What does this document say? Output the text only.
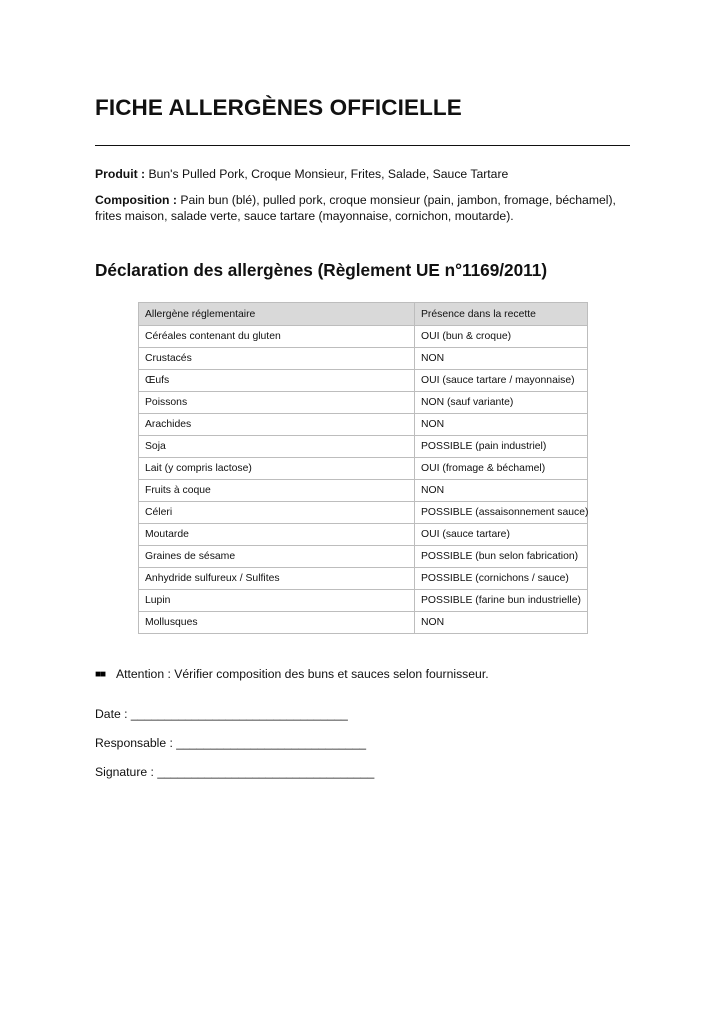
FICHE ALLERGÈNES OFFICIELLE

Produit : Bun's Pulled Pork, Croque Monsieur, Frites, Salade, Sauce Tartare

Composition : Pain bun (blé), pulled pork, croque monsieur (pain, jambon, fromage, béchamel), frites maison, salade verte, sauce tartare (mayonnaise, cornichon, moutarde).

Déclaration des allergènes (Règlement UE n°1169/2011)
Allergène réglementaire	Présence dans la recette
Céréales contenant du gluten	OUI (bun & croque)
Crustacés	NON
Œufs	OUI (sauce tartare / mayonnaise)
Poissons	NON (sauf variante)
Arachides	NON
Soja	POSSIBLE (pain industriel)
Lait (y compris lactose)	OUI (fromage & béchamel)
Fruits à coque	NON
Céleri	POSSIBLE (assaisonnement sauce)
Moutarde	OUI (sauce tartare)
Graines de sésame	POSSIBLE (bun selon fabrication)
Anhydride sulfureux / Sulfites	POSSIBLE (cornichons / sauce)
Lupin	POSSIBLE (farine bun industrielle)
Mollusques	NON

■■ Attention : Vérifier composition des buns et sauces selon fournisseur.

Date : ________________________________

Responsable : ____________________________

Signature : ________________________________
